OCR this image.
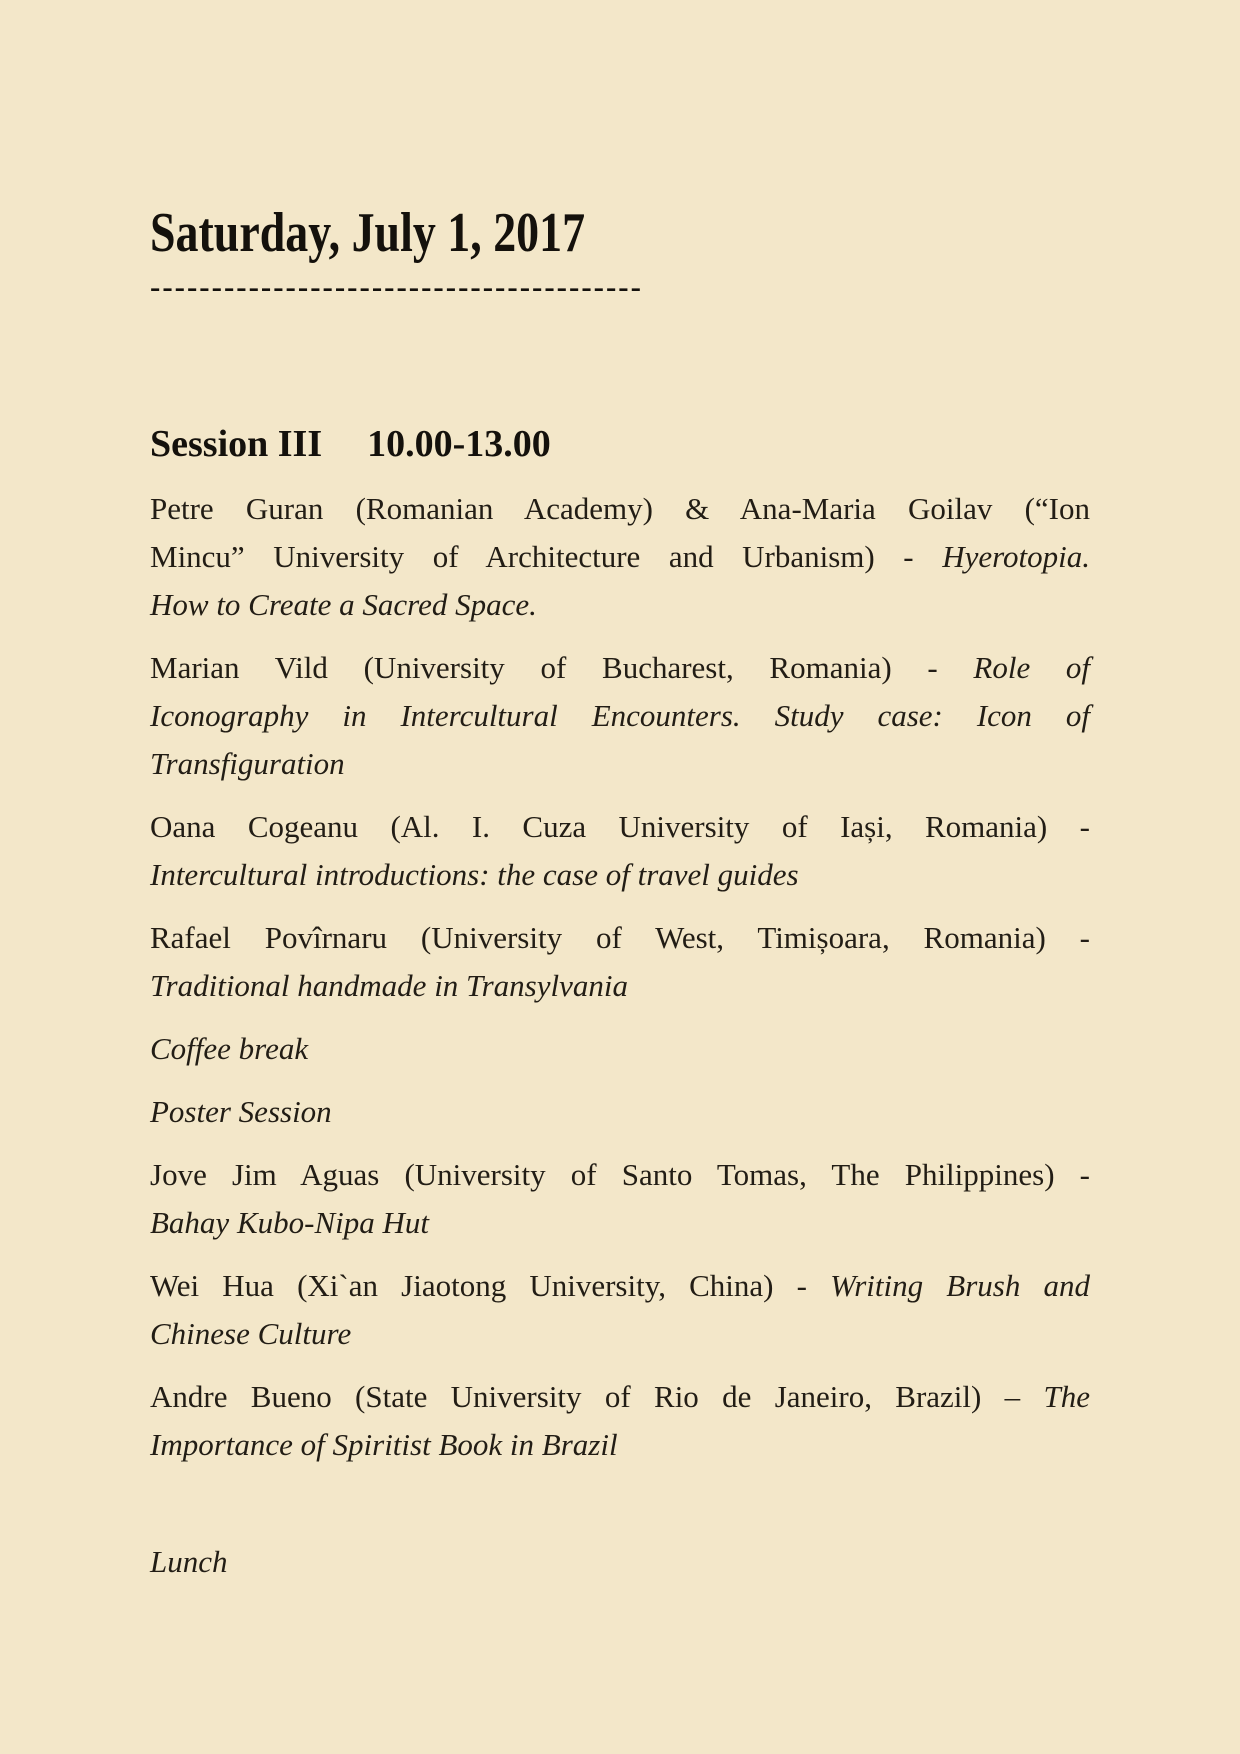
Saturday, July 1, 2017
----------------------------------------
Session III 10.00-13.00
Petre Guran (Romanian Academy) & Ana-Maria Goilav (“Ion
Mincu” University of Architecture and Urbanism) - Hyerotopia.
How to Create a Sacred Space.
Marian Vild (University of Bucharest, Romania) - Role of
Iconography in Intercultural Encounters. Study case: Icon of
Transfiguration
Oana Cogeanu (Al. I. Cuza University of Iași, Romania) -
Intercultural introductions: the case of travel guides
Rafael Povîrnaru (University of West, Timișoara, Romania) -
Traditional handmade in Transylvania
Coffee break
Poster Session
Jove Jim Aguas (University of Santo Tomas, The Philippines) -
Bahay Kubo-Nipa Hut
Wei Hua (Xi`an Jiaotong University, China) - Writing Brush and
Chinese Culture
Andre Bueno (State University of Rio de Janeiro, Brazil) – The
Importance of Spiritist Book in Brazil
Lunch
